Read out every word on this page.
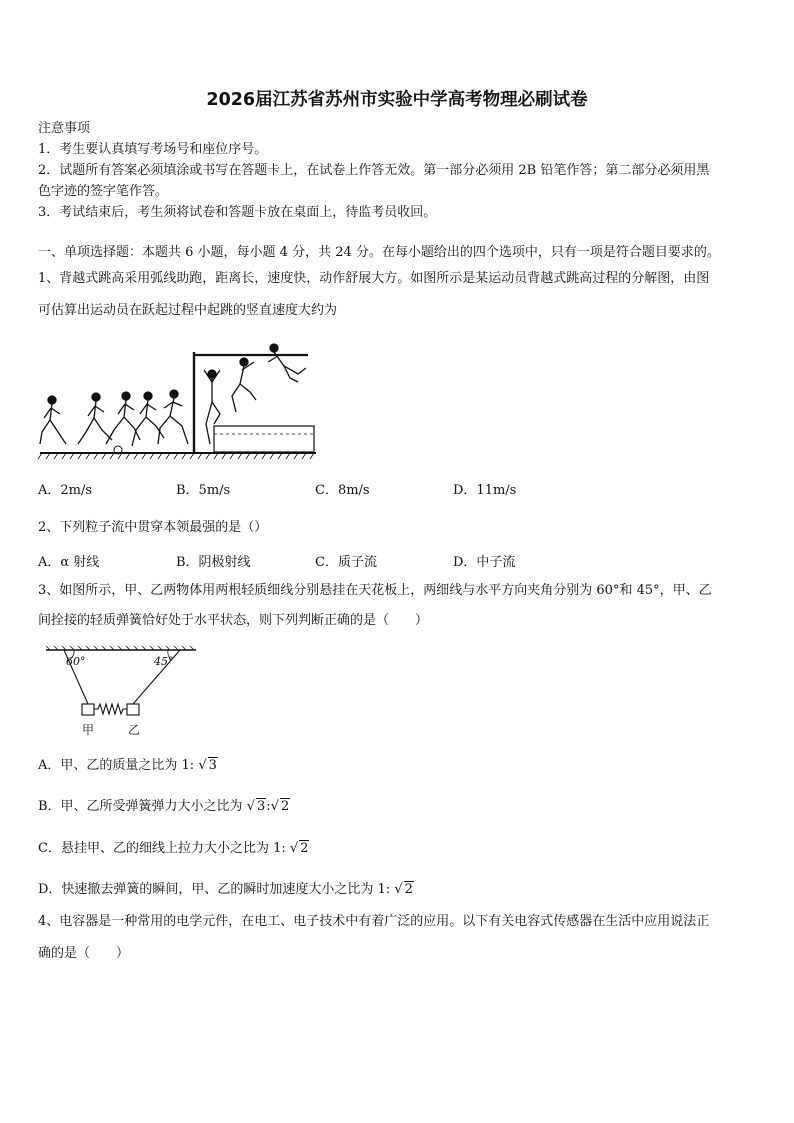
2026届江苏省苏州市实验中学高考物理必刷试卷
注意事项
1．考生要认真填写考场号和座位序号。
2．试题所有答案必须填涂或书写在答题卡上，在试卷上作答无效。第一部分必须用 2B 铅笔作答；第二部分必须用黑
色字迹的签字笔作答。
3．考试结束后，考生须将试卷和答题卡放在桌面上，待监考员收回。
一、单项选择题：本题共 6 小题，每小题 4 分，共 24 分。在每小题给出的四个选项中，只有一项是符合题目要求的。
1、背越式跳高采用弧线助跑，距离长，速度快，动作舒展大方。如图所示是某运动员背越式跳高过程的分解图，由图
可估算出运动员在跃起过程中起跳的竖直速度大约为
A．2m/s	B．5m/s	C．8m/s	D．11m/s
2、下列粒子流中贯穿本领最强的是（）
A．α 射线	B．阴极射线	C．质子流	D．中子流
3、如图所示，甲、乙两物体用两根轻质细线分别悬挂在天花板上，两细线与水平方向夹角分别为 60°和 45°，甲、乙
间拴接的轻质弹簧恰好处于水平状态，则下列判断正确的是（　　）
60°	45°
甲	乙
A．甲、乙的质量之比为 1: √ 3
B．甲、乙所受弹簧弹力大小之比为 √ 3:√ 2
C．悬挂甲、乙的细线上拉力大小之比为 1: √ 2
D．快速撤去弹簧的瞬间，甲、乙的瞬时加速度大小之比为 1: √ 2
4、电容器是一种常用的电学元件，在电工、电子技术中有着广泛的应用。以下有关电容式传感器在生活中应用说法正
确的是（　　）
